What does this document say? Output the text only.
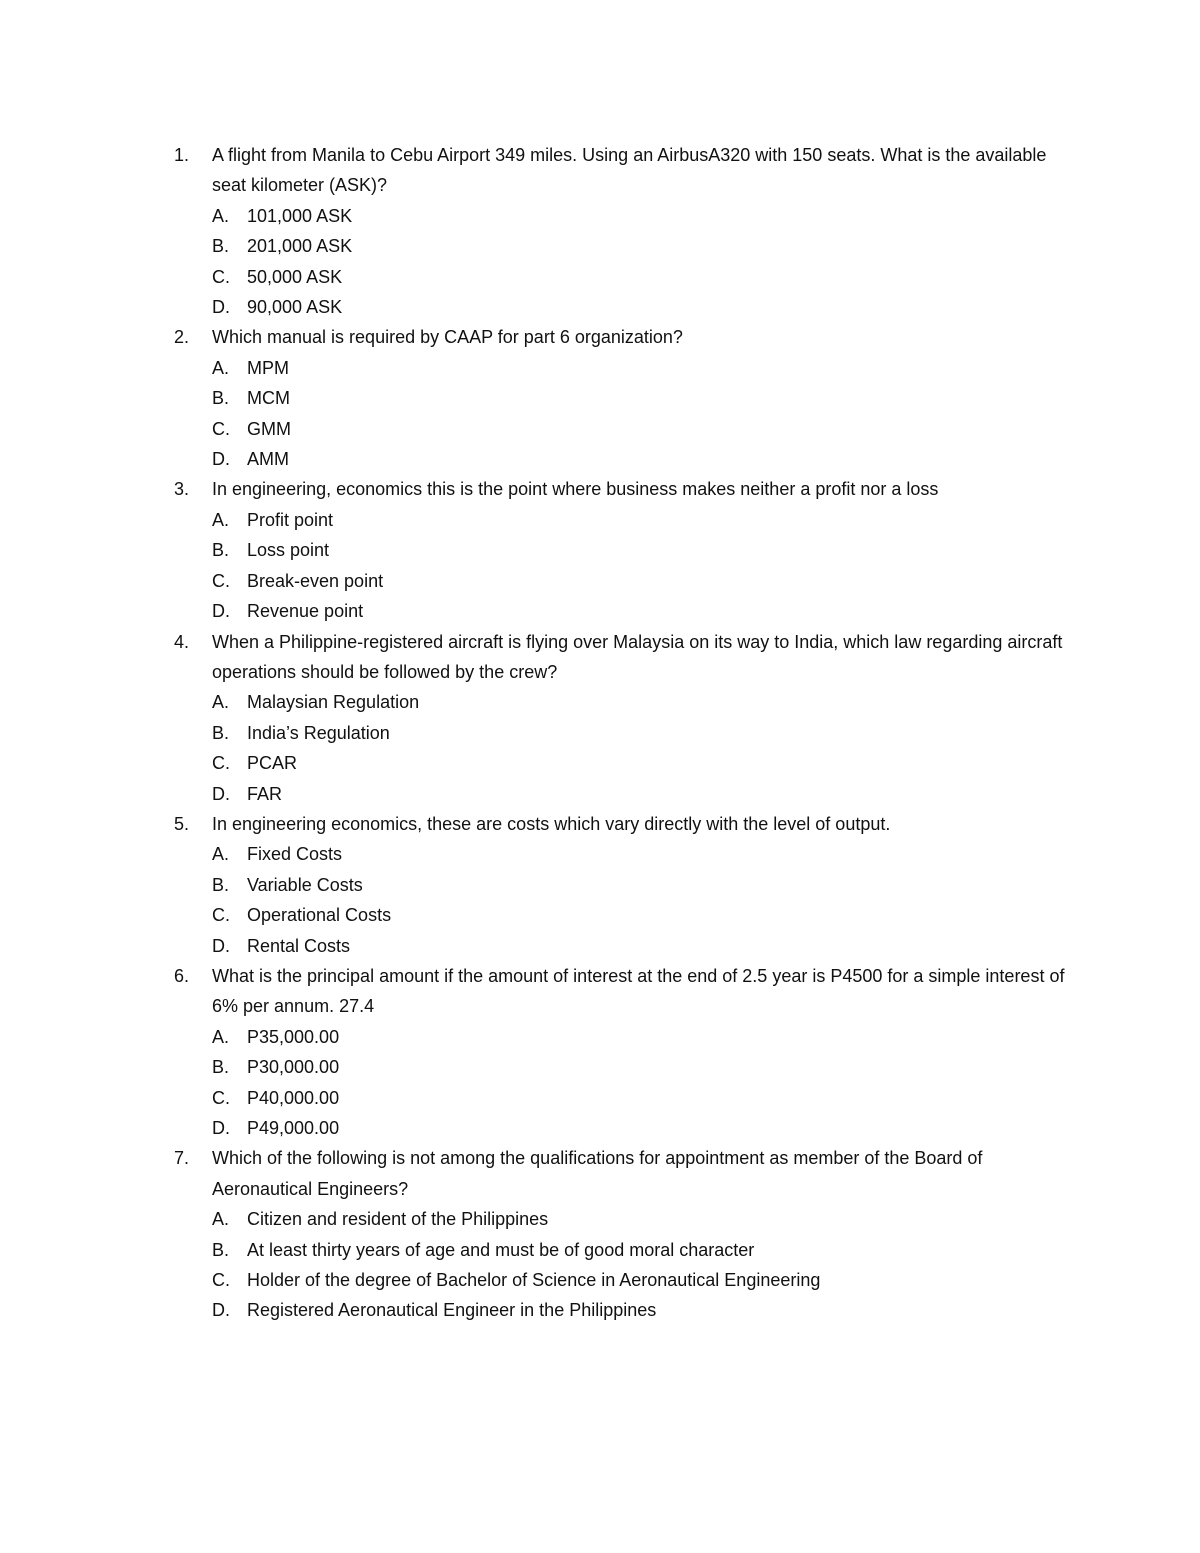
1.	A flight from Manila to Cebu Airport 349 miles. Using an AirbusA320 with 150 seats. What is the available seat kilometer (ASK)?
A. 101,000 ASK
B. 201,000 ASK
C. 50,000 ASK
D. 90,000 ASK
2.	Which manual is required by CAAP for part 6 organization?
A. MPM
B. MCM
C. GMM
D. AMM
3.	In engineering, economics this is the point where business makes neither a profit nor a loss
A. Profit point
B. Loss point
C. Break-even point
D. Revenue point
4.	When a Philippine-registered aircraft is flying over Malaysia on its way to India, which law regarding aircraft operations should be followed by the crew?
A. Malaysian Regulation
B. India’s Regulation
C. PCAR
D. FAR
5.	In engineering economics, these are costs which vary directly with the level of output.
A. Fixed Costs
B. Variable Costs
C. Operational Costs
D. Rental Costs
6.	What is the principal amount if the amount of interest at the end of 2.5 year is P4500 for a simple interest of 6% per annum. 27.4
A. P35,000.00
B. P30,000.00
C. P40,000.00
D. P49,000.00
7.	Which of the following is not among the qualifications for appointment as member of the Board of Aeronautical Engineers?
A. Citizen and resident of the Philippines
B. At least thirty years of age and must be of good moral character
C. Holder of the degree of Bachelor of Science in Aeronautical Engineering
D. Registered Aeronautical Engineer in the Philippines
